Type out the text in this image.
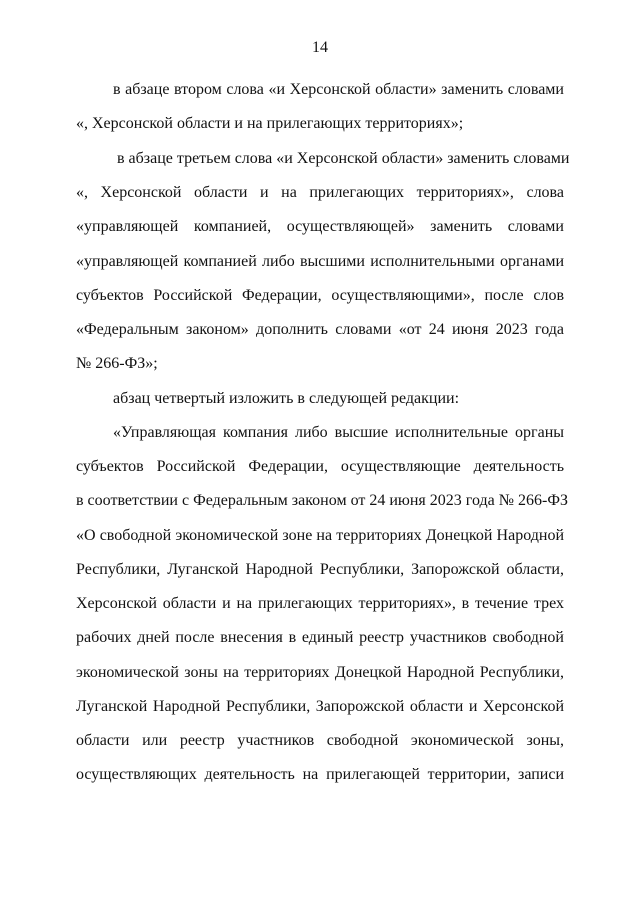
14
в абзаце втором слова «и Херсонской области» заменить словами
«, Херсонской области и на прилегающих территориях»;
в абзаце третьем слова «и Херсонской области» заменить словами
«, Херсонской области и на прилегающих территориях», слова
«управляющей компанией, осуществляющей» заменить словами
«управляющей компанией либо высшими исполнительными органами
субъектов Российской Федерации, осуществляющими», после слов
«Федеральным законом» дополнить словами «от 24 июня 2023 года
№ 266-ФЗ»;
абзац четвертый изложить в следующей редакции:
«Управляющая компания либо высшие исполнительные органы
субъектов Российской Федерации, осуществляющие деятельность
в соответствии с Федеральным законом от 24 июня 2023 года № 266-ФЗ
«О свободной экономической зоне на территориях Донецкой Народной
Республики, Луганской Народной Республики, Запорожской области,
Херсонской области и на прилегающих территориях», в течение трех
рабочих дней после внесения в единый реестр участников свободной
экономической зоны на территориях Донецкой Народной Республики,
Луганской Народной Республики, Запорожской области и Херсонской
области или реестр участников свободной экономической зоны,
осуществляющих деятельность на прилегающей территории, записи
